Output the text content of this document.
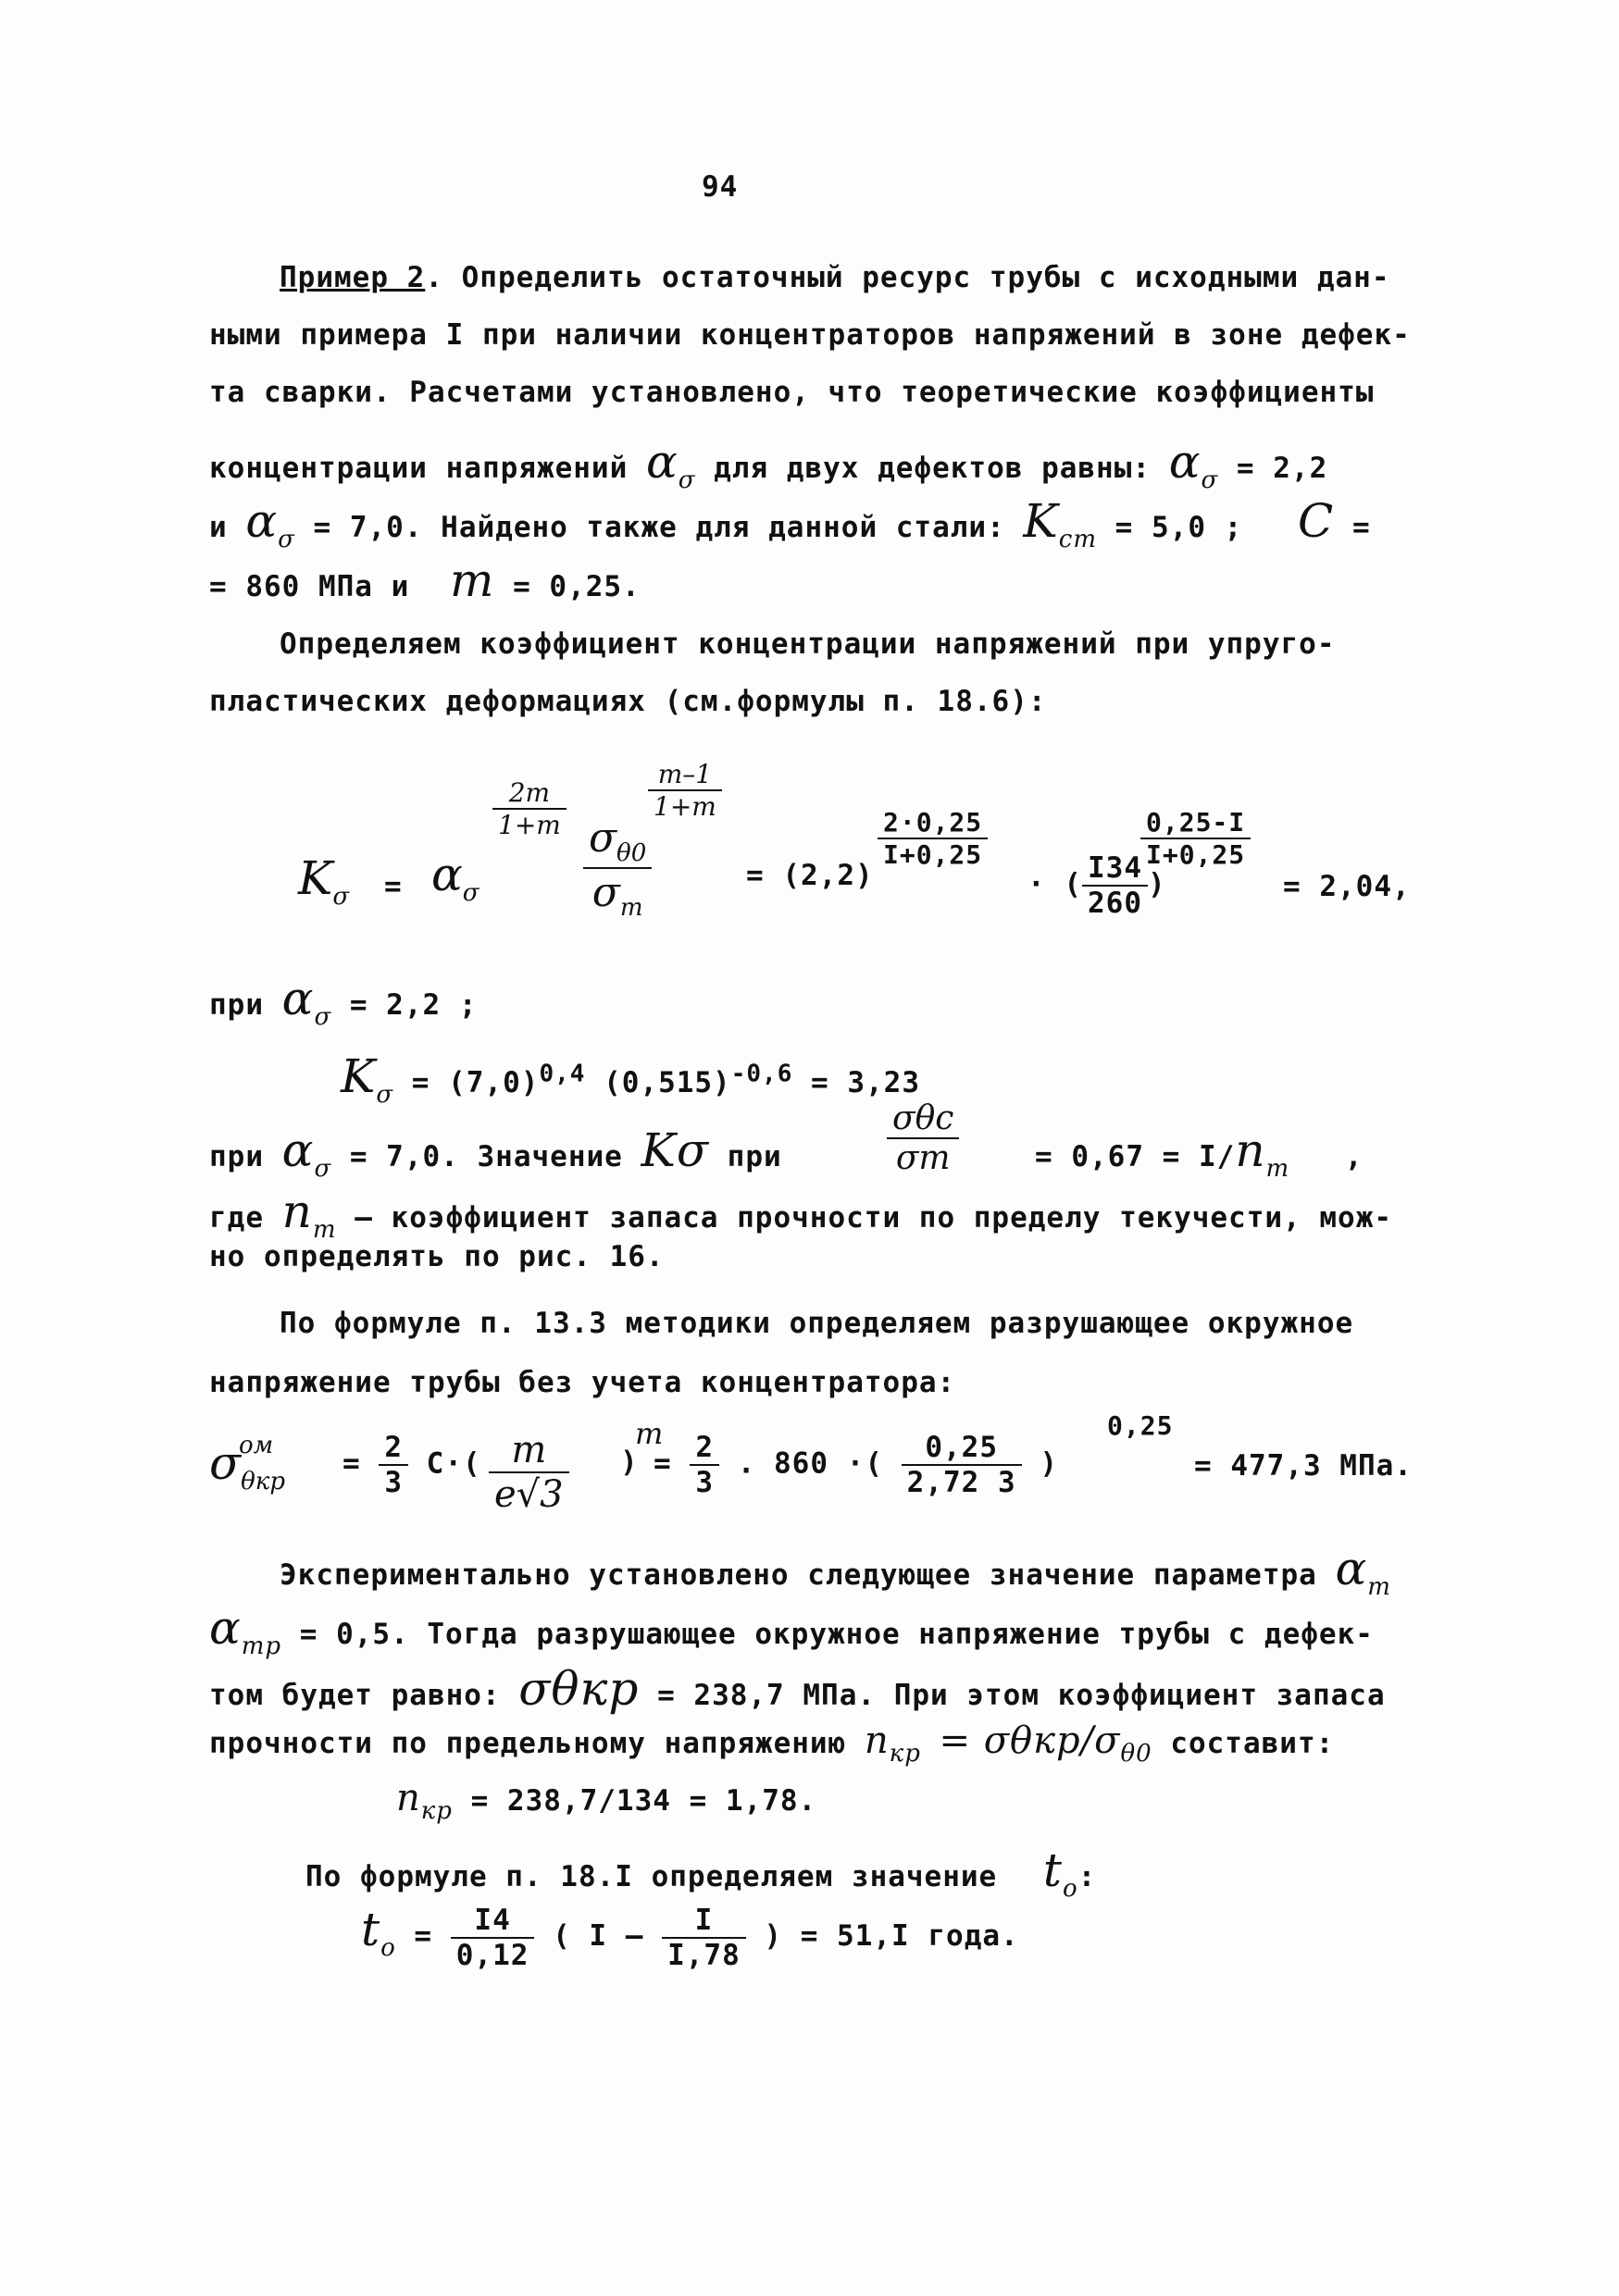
94
Пример 2. Определить остаточный ресурс трубы с исходными дан-
ными примера I при наличии концентраторов напряжений в зоне дефек-
та сварки. Расчетами установлено, что теоретические коэффициенты
концентрации напряжений $\alpha_\sigma$ для двух дефектов равны: $\alpha_\sigma = 2,2$
и $\alpha_\sigma = 7,0$. Найдено также для данной стали: $K_{ст} = 5,0$ ; С =
= 860 МПа и m = 0,25.
Определяем коэффициент концентрации напряжений при упруго-
пластических деформациях (см.формулы п. 18.6):
$K_\sigma = \alpha_\sigma$
$\frac{2m}{1+m}$	$\frac{m-1}{1+m}$
$\frac{\sigma_{\theta 0}}{\sigma_т}$	= (2,2)
$\frac{2\cdot 0,25}{I+0,25}$
· ( $\frac{I34}{260}$ )
$\frac{0,25-I}{I+0,25}$
= 2,04,
при $\alpha_\sigma = 2,2$ ;
$K_\sigma = (7,0)^{0,4}$ $(0,515)^{-0,6} = 3,23$
при $\alpha_\sigma = 7,0$. Значение Kσ при	$\frac{\text{σθс}}{\sigma т}$	= $0,67 = I/n_т$ ,
где $n_т$ – коэффициент запаса прочности по пределу текучести, мож-
но определять по рис. 16.
По формуле п. 13.3 методики определяем разрушающее окружное
напряжение трубы без учета концентратора:
$\sigma_{\theta кр}^{ом}$
= $\frac{2}{3} С\cdot( \frac{m}{e√3}$ m
) = $\frac{2}{3}$ . 860 ·( $\frac{0,25}{2,72 3}$ )
0,25
= 477,3 МПа.
Экспериментально установлено следующее значение параметра $\alpha_т$
$\alpha_{тр} = 0,5$. Тогда разрушающее окружное напряжение трубы с дефек-
том будет равно: σθкр = 238,7 МПа. При этом коэффициент запаса
прочности по предельному напряжению $n_{кр} = \sigma\theta кр/\sigma_{\theta 0}$ составит:
$n_{кр} = 238,7/134 = 1,78$.
По формуле п. 18.I определяем значение $t_o$:
$t_o = \frac{I4}{0,12}$ ( I – $\frac{I}{I,78}$ ) = 51,I года.
